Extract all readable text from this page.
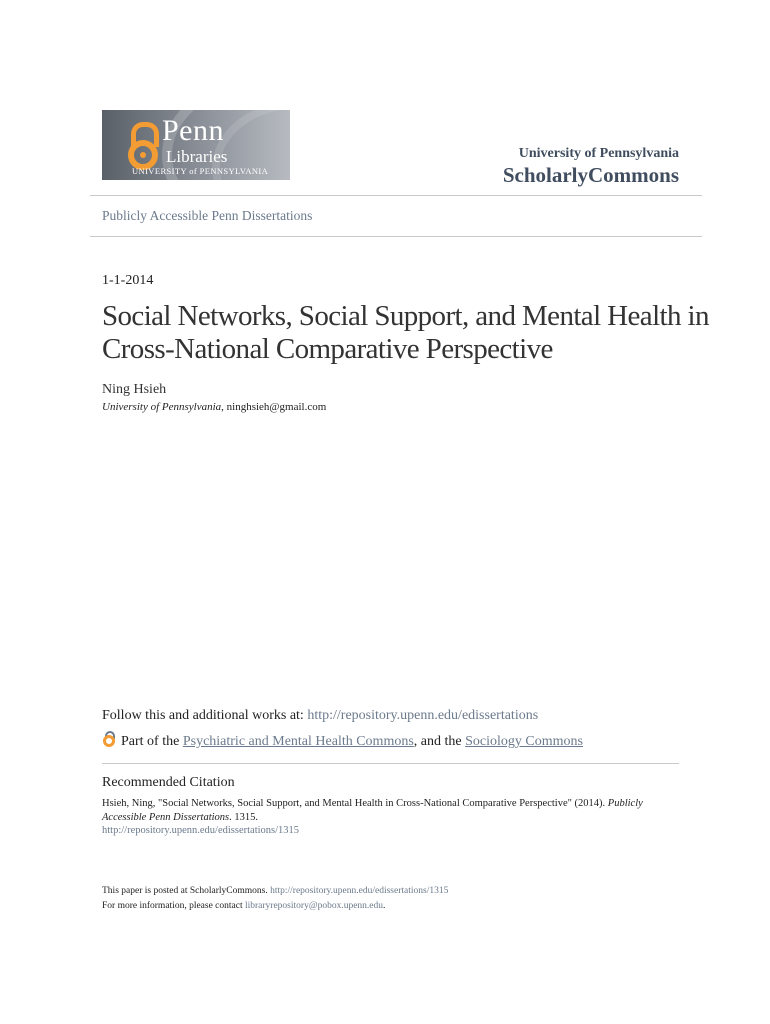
Penn
Libraries
UNIVERSITY of PENNSYLVANIA
University of Pennsylvania
ScholarlyCommons
Publicly Accessible Penn Dissertations
1-1-2014
Social Networks, Social Support, and Mental Health in Cross-National Comparative Perspective
Ning Hsieh
University of Pennsylvania, ninghsieh@gmail.com
Follow this and additional works at: http://repository.upenn.edu/edissertations
Part of the Psychiatric and Mental Health Commons, and the Sociology Commons
Recommended Citation
Hsieh, Ning, "Social Networks, Social Support, and Mental Health in Cross-National Comparative Perspective" (2014). Publicly Accessible Penn Dissertations. 1315.
http://repository.upenn.edu/edissertations/1315
This paper is posted at ScholarlyCommons. http://repository.upenn.edu/edissertations/1315
For more information, please contact libraryrepository@pobox.upenn.edu.
